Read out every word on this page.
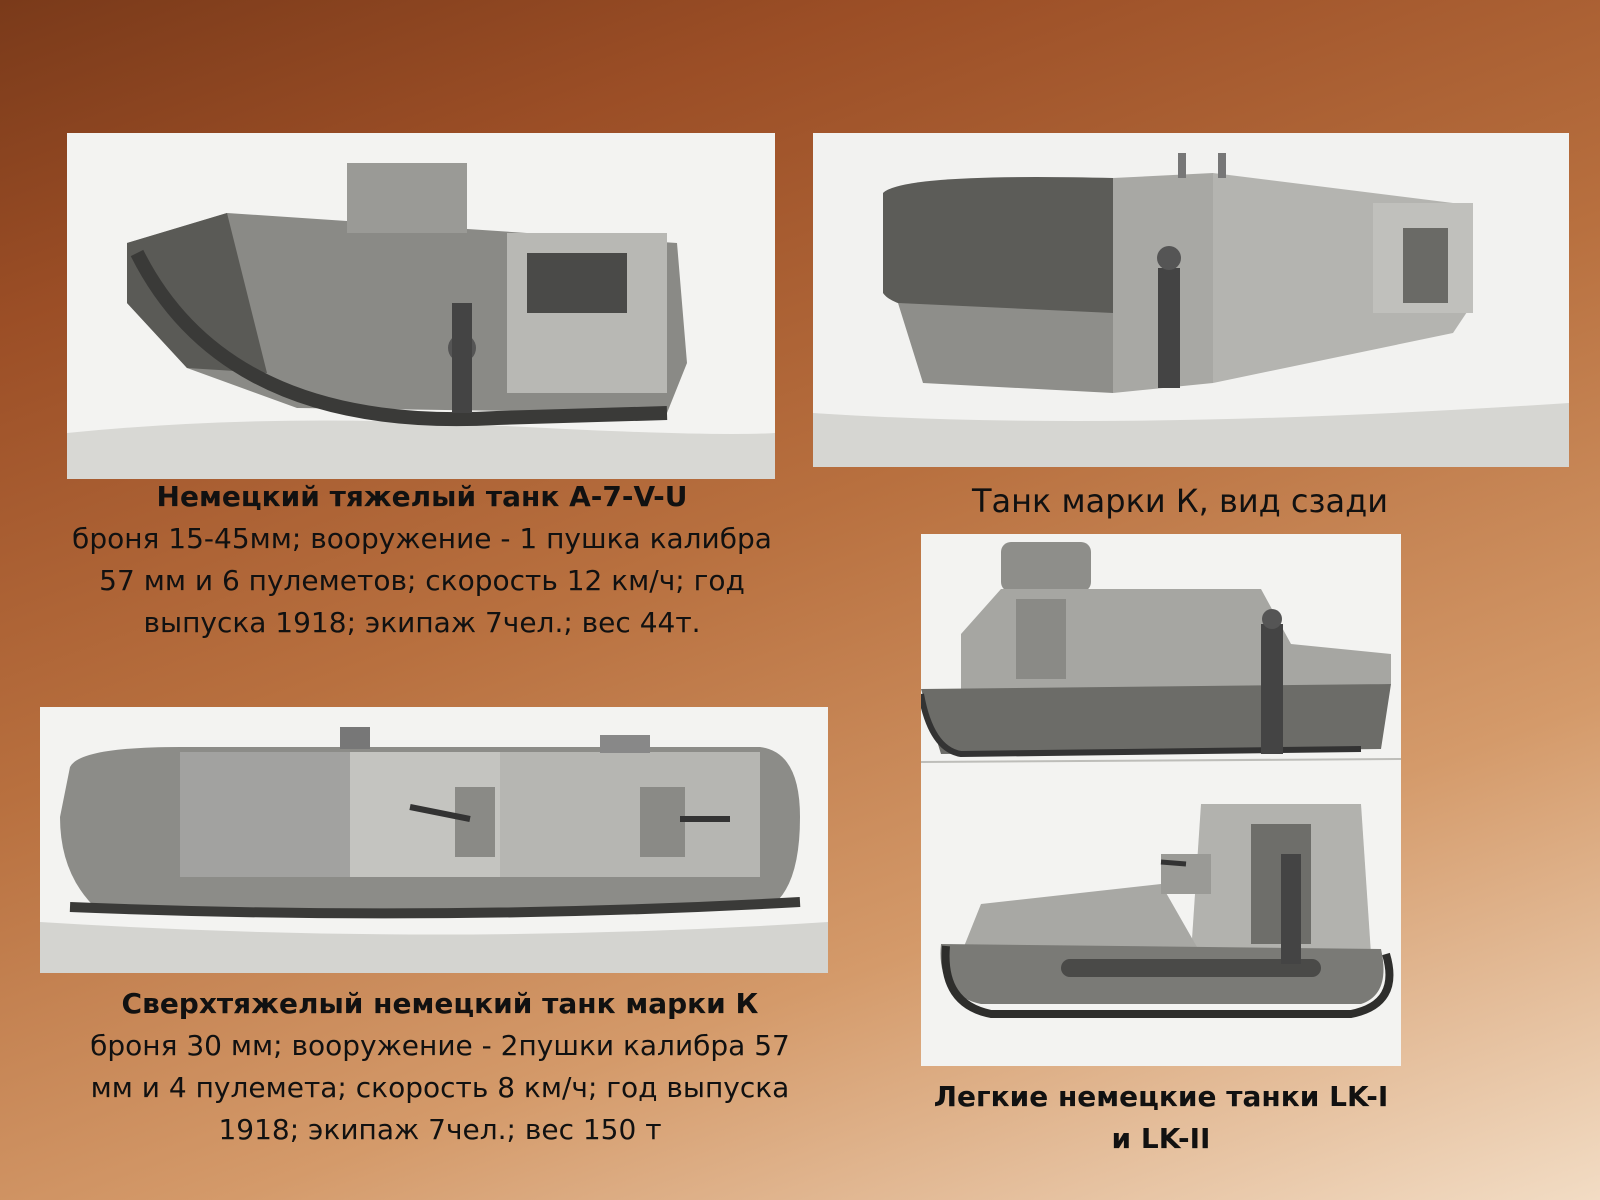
Немецкий тяжелый танк А-7-V-U
броня 15-45мм; вооружение - 1 пушка калибра 57 мм и 6 пулеметов; скорость 12 км/ч; год выпуска 1918; экипаж 7чел.; вес 44т.
Танк марки К, вид сзади
Сверхтяжелый немецкий танк марки К
броня 30 мм; вооружение - 2пушки калибра 57 мм и 4 пулемета; скорость 8 км/ч; год выпуска 1918; экипаж 7чел.; вес 150 т
Легкие немецкие танки LK-I
и LK-II
